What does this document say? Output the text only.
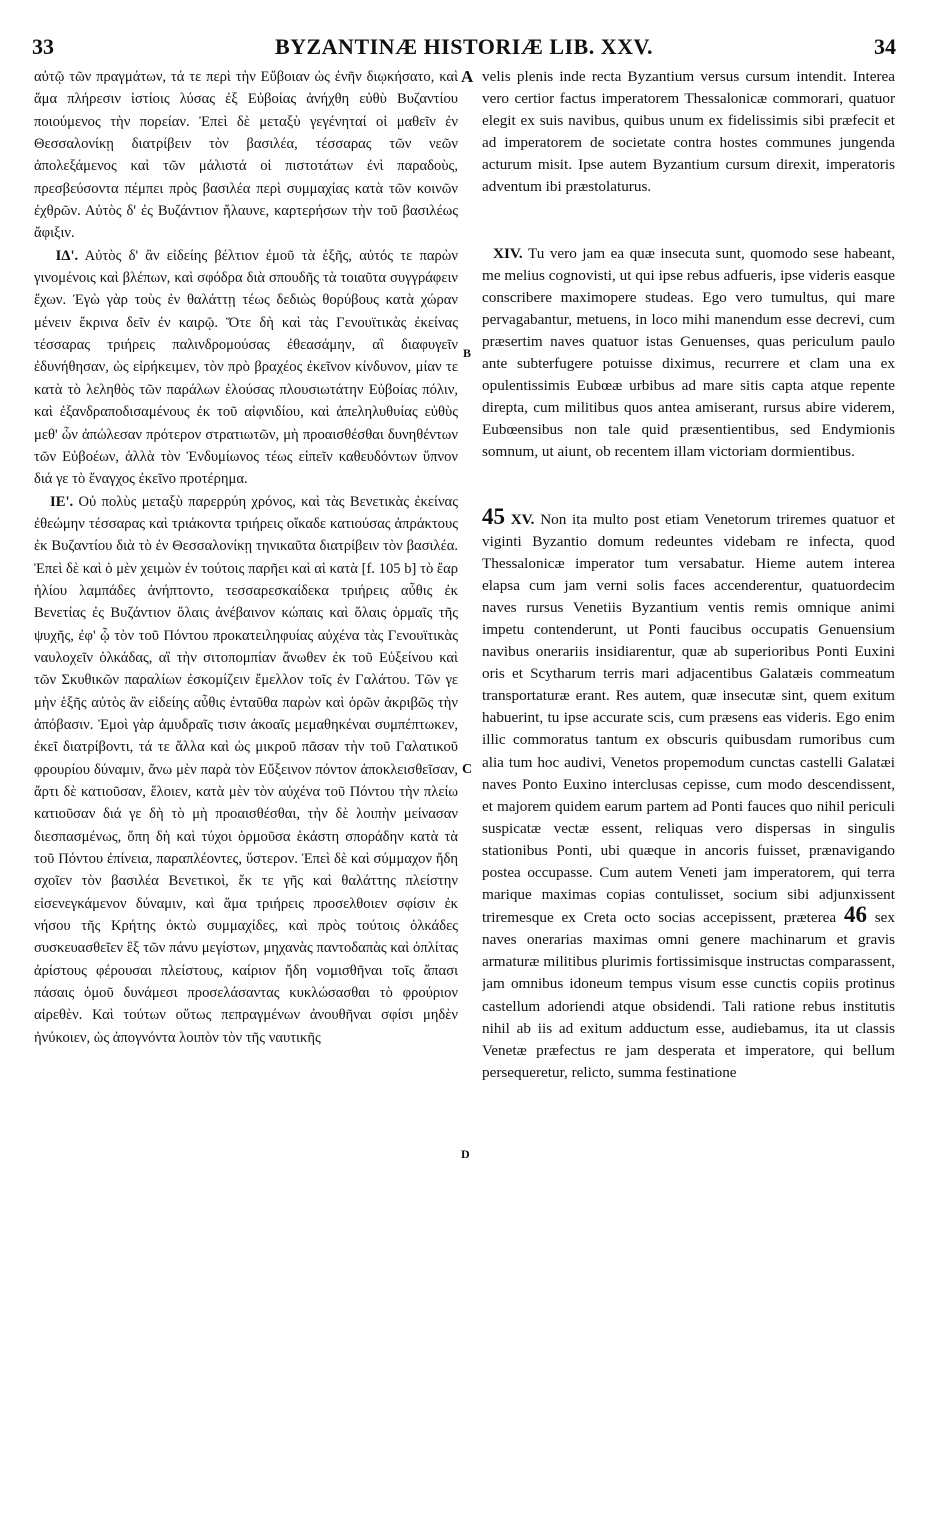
33	BYZANTINÆ HISTORIÆ LIB. XXV.	34
A
B
C
D

αὐτῷ τῶν πραγμάτων, τά τε περὶ τὴν Εὔβοιαν ὡς ἐνῆν διῳκήσατο, καὶ ἅμα πλήρεσιν ἱστίοις λύσας ἐξ Εὐβοίας ἀνήχθη εὐθὺ Βυζαντίου ποιούμενος τὴν πορείαν. Ἐπεὶ δὲ μεταξὺ γεγένηταί οἱ μαθεῖν ἐν Θεσσαλονίκῃ διατρίβειν τὸν βασιλέα, τέσσαρας τῶν νεῶν ἀπολεξάμενος καὶ τῶν μάλιστά οἱ πιστοτάτων ἐνὶ παραδοὺς, πρεσβεύσοντα πέμπει πρὸς βασιλέα περὶ συμμαχίας κατὰ τῶν κοινῶν ἐχθρῶν. Αὐτὸς δ' ἐς Βυζάντιον ἤλαυνε, καρτερήσων τὴν τοῦ βασιλέως ἄφιξιν.

ΙΔ'. Αὐτὸς δ' ἂν εἰδείης βέλτιον ἐμοῦ τὰ ἑξῆς, αὐτός τε παρὼν γινομένοις καὶ βλέπων, καὶ σφόδρα διὰ σπουδῆς τὰ τοιαῦτα συγγράφειν ἔχων. Ἐγὼ γὰρ τοὺς ἐν θαλάττῃ τέως δεδιὼς θορύβους κατὰ χώραν μένειν ἔκρινα δεῖν ἐν καιρῷ. Ὅτε δὴ καὶ τὰς Γενουϊτικὰς ἐκείνας τέσσαρας τριήρεις παλινδρομούσας ἐθεασάμην, αἳ διαφυγεῖν ἐδυνήθησαν, ὡς εἰρήκειμεν, τὸν πρὸ βραχέος ἐκεῖνον κίνδυνον, μίαν τε κατὰ τὸ λεληθὸς τῶν παράλων ἑλούσας πλουσιωτάτην Εὐβοίας πόλιν, καὶ ἐξανδραποδισαμένους ἐκ τοῦ αἰφνιδίου, καὶ ἀπεληλυθυίας εὐθὺς μεθ' ὧν ἀπώλεσαν πρότερον στρατιωτῶν, μὴ προαισθέσθαι δυνηθέντων τῶν Εὐβοέων, ἀλλὰ τὸν Ἐνδυμίωνος τέως εἰπεῖν καθευδόντων ὕπνον διά γε τὸ ἔναγχος ἐκεῖνο προτέρημα.

ΙΕ'. Οὐ πολὺς μεταξὺ παρερρύη χρόνος, καὶ τὰς Βενετικὰς ἐκείνας ἐθεώμην τέσσαρας καὶ τριάκοντα τριήρεις οἴκαδε κατιούσας ἀπράκτους ἐκ Βυζαντίου διὰ τὸ ἐν Θεσσαλονίκῃ τηνικαῦτα διατρίβειν τὸν βασιλέα. Ἐπεὶ δὲ καὶ ὁ μὲν χειμὼν ἐν τούτοις παρῆει καὶ αἱ κατὰ [f. 105 b] τὸ ἔαρ ἡλίου λαμπάδες ἀνήπτοντο, τεσσαρεσκαίδεκα τριήρεις αὖθις ἐκ Βενετίας ἐς Βυζάντιον ὅλαις ἀνέβαινον κώπαις καὶ ὅλαις ὁρμαῖς τῆς ψυχῆς, ἐφ' ᾧ τὸν τοῦ Πόντου προκατειληφυίας αὐχένα τὰς Γενουϊτικὰς ναυλοχεῖν ὁλκάδας, αἳ τὴν σιτοπομπίαν ἄνωθεν ἐκ τοῦ Εὐξείνου καὶ τῶν Σκυθικῶν παραλίων ἐσκομίζειν ἔμελλον τοῖς ἐν Γαλάτου. Τῶν γε μὴν ἑξῆς αὐτὸς ἂν εἰδείης αὖθις ἐνταῦθα παρὼν καὶ ὁρῶν ἀκριβῶς τὴν ἀπόβασιν. Ἐμοὶ γὰρ ἀμυδραῖς τισιν ἀκοαῖς μεμαθηκέναι συμπέπτωκεν, ἐκεῖ διατρίβοντι, τά τε ἄλλα καὶ ὡς μικροῦ πᾶσαν τὴν τοῦ Γαλατικοῦ φρουρίου δύναμιν, ἄνω μὲν παρὰ τὸν Εὔξεινον πόντον ἀποκλεισθεῖσαν, ἄρτι δὲ κατιοῦσαν, ἕλοιεν, κατὰ μὲν τὸν αὐχένα τοῦ Πόντου τὴν πλείω κατιοῦσαν διά γε δὴ τὸ μὴ προαισθέσθαι, τὴν δὲ λοιπὴν μείνασαν διεσπασμένως, ὅπη δὴ καὶ τύχοι ὁρμοῦσα ἑκάστη σποράδην κατὰ τὰ τοῦ Πόντου ἐπίνεια, παραπλέοντες, ὕστερον. Ἐπεὶ δὲ καὶ σύμμαχον ἤδη σχοῖεν τὸν βασιλέα Βενετικοὶ, ἔκ τε γῆς καὶ θαλάττης πλείστην εἰσενεγκάμενον δύναμιν, καὶ ἅμα τριήρεις προσελθοιεν σφίσιν ἐκ νήσου τῆς Κρήτης ὀκτὼ συμμαχίδες, καὶ πρὸς τούτοις ὁλκάδες συσκευασθεῖεν ἓξ τῶν πάνυ μεγίστων, μηχανὰς παντοδαπὰς καὶ ὁπλίτας ἀρίστους φέρουσαι πλείστους, καίριον ἤδη νομισθῆναι τοῖς ἅπασι πάσαις ὁμοῦ δυνάμεσι προσελάσαντας κυκλώσασθαι τὸ φρούριον αἰρεθὲν. Καὶ τούτων οὕτως πεπραγμένων ἀνουθῆναι σφίσι μηδὲν ἠνύκοιεν, ὡς ἀπογνόντα λοιπὸν τὸν τῆς ναυτικῆς

velis plenis inde recta Byzantium versus cursum intendit. Interea vero certior factus imperatorem Thessalonicæ commorari, quatuor elegit ex suis navibus, quibus unum ex fidelissimis sibi præfecit et ad imperatorem de societate contra hostes communes jungenda acturum misit. Ipse autem Byzantium cursum direxit, imperatoris adventum ibi præstolaturus.

XIV. Tu vero jam ea quæ insecuta sunt, quomodo sese habeant, me melius cognovisti, ut qui ipse rebus adfueris, ipse videris easque conscribere maximopere studeas. Ego vero tumultus, qui mare pervagabantur, metuens, in loco mihi manendum esse decrevi, cum præsertim naves quatuor istas Genuenses, quas periculum paulo ante subterfugere potuisse diximus, recurrere et clam una ex opulentissimis Eubœæ urbibus ad mare sitis capta atque repente direpta, cum militibus quos antea amiserant, rursus abire viderem, Eubœensibus non tale quid præsentientibus, sed Endymionis somnum, ut aiunt, ob recentem illam victoriam dormientibus.

45 XV. Non ita multo post etiam Venetorum triremes quatuor et viginti Byzantio domum redeuntes videbam re infecta, quod Thessalonicæ imperator tum versabatur. Hieme autem interea elapsa cum jam verni solis faces accenderentur, quatuordecim naves rursus Venetiis Byzantium ventis remis omnique animi impetu contenderunt, ut Ponti faucibus occupatis Genuensium navibus onerariis insidiarentur, quæ ab superioribus Ponti Euxini oris et Scytharum terris mari adjacentibus Galatæis commeatum transportaturæ erant. Res autem, quæ insecutæ sint, quem exitum habuerint, tu ipse accurate scis, cum præsens eas videris. Ego enim illic commoratus tantum ex obscuris quibusdam rumoribus cum alia tum hoc audivi, Venetos propemodum cunctas castelli Galatæi naves Ponto Euxino interclusas cepisse, cum modo descendissent, et majorem quidem earum partem ad Ponti fauces quo nihil periculi suspicatæ vectæ essent, reliquas vero dispersas in singulis stationibus Ponti, ubi quæque in ancoris fuisset, prænavigando postea occupasse. Cum autem Veneti jam imperatorem, qui terra marique maximas copias contulisset, socium sibi adjunxissent triremesque ex Creta octo socias accepissent, præterea 46 sex naves onerarias maximas omni genere machinarum et gravis armaturæ militibus plurimis fortissimisque instructas comparassent, jam omnibus idoneum tempus visum esse cunctis copiis protinus castellum adoriendi atque obsidendi. Tali ratione rebus institutis nihil ab iis ad exitum adductum esse, audiebamus, ita ut classis Venetæ præfectus re jam desperata et imperatore, qui bellum persequeretur, relicto, summa festinatione
